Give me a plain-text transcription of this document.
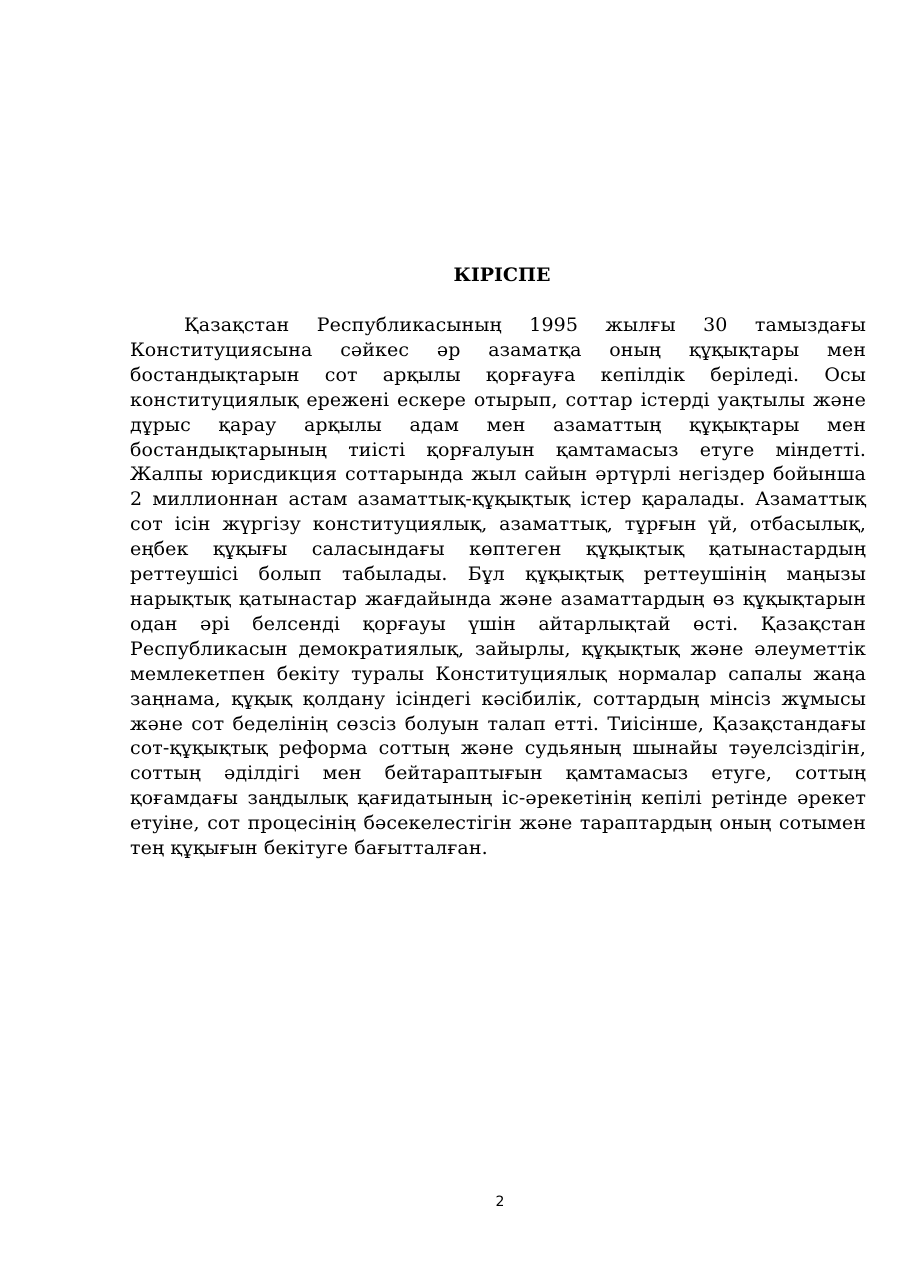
КІРІСПЕ

Қазақстан Республикасының 1995 жылғы 30 тамыздағы Конституциясына сәйкес әр азаматқа оның құқықтары мен бостандықтарын сот арқылы қорғауға кепілдік беріледі. Осы конституциялық ережені ескере отырып, соттар істерді уақтылы және дұрыс қарау арқылы адам мен азаматтың құқықтары мен бостандықтарының тиісті қорғалуын қамтамасыз етуге міндетті. Жалпы юрисдикция соттарында жыл сайын әртүрлі негіздер бойынша 2 миллионнан астам азаматтық-құқықтық істер қаралады. Азаматтық сот ісін жүргізу конституциялық, азаматтық, тұрғын үй, отбасылық, еңбек құқығы саласындағы көптеген құқықтық қатынастардың реттеушісі болып табылады. Бұл құқықтық реттеушінің маңызы нарықтық қатынастар жағдайында және азаматтардың өз құқықтарын одан әрі белсенді қорғауы үшін айтарлықтай өсті. Қазақстан Республикасын демократиялық, зайырлы, құқықтық және әлеуметтік мемлекетпен бекіту туралы Конституциялық нормалар сапалы жаңа заңнама, құқық қолдану ісіндегі кәсібилік, соттардың мінсіз жұмысы және сот беделінің сөзсіз болуын талап етті. Тиісінше, Қазақстандағы сот-құқықтық реформа соттың және судьяның шынайы тәуелсіздігін, соттың әділдігі мен бейтараптығын қамтамасыз етуге, соттың қоғамдағы заңдылық қағидатының іс-әрекетінің кепілі ретінде әрекет етуіне, сот процесінің бәсекелестігін және тараптардың оның сотымен тең құқығын бекітуге бағытталған.

2
